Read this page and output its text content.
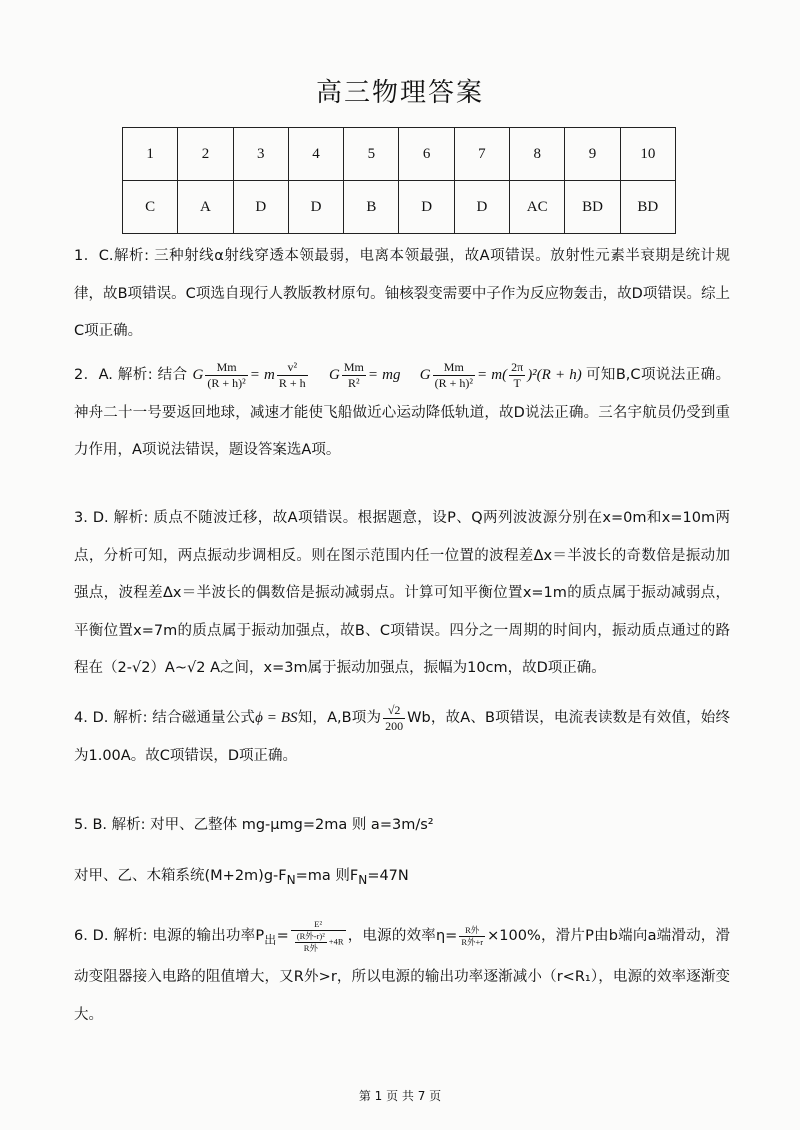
高三物理答案
1	2	3	4	5	6	7	8	9	10
C	A	D	D	B	D	D	AC	BD	BD

1．C.解析: 三种射线α射线穿透本领最弱，电离本领最强，故A项错误。放射性元素半衰期是统计规律，故B项错误。C项选自现行人教版教材原句。铀核裂变需要中子作为反应物轰击，故D项错误。综上C项正确。

2．A. 解析: 结合 G $\frac{Mm}{\text{(R + h)²}} = m \frac{\text{v²}}{R + h}$ G $\frac{Mm}{\text{R²}}$ = mg G $\frac{Mm}{\text{(R + h)²}} = m( \frac{2\pi}{T} )^2(R + h)$ 可知B,C项说法正确。 神舟二十一号要返回地球，减速才能使飞船做近心运动降低轨道，故D说法正确。三名宇航员仍受到重力作用，A项说法错误，题设答案选A项。

3. D. 解析: 质点不随波迁移，故A项错误。根据题意，设P、Q两列波波源分别在x=0m和x=10m两点，分析可知，两点振动步调相反。则在图示范围内任一位置的波程差Δx＝半波长的奇数倍是振动加强点，波程差Δx＝半波长的偶数倍是振动减弱点。计算可知平衡位置x=1m的质点属于振动减弱点，平衡位置x=7m的质点属于振动加强点，故B、C项错误。四分之一周期的时间内，振动质点通过的路程在（2-√2）A~√2 A之间，x=3m属于振动加强点，振幅为10cm，故D项正确。

4. D. 解析: 结合磁通量公式ϕ = BS知，A,B项为 $\frac{√2}{200}$ Wb，故A、B项错误，电流表读数是有效值，始终为1.00A。故C项错误，D项正确。

5. B. 解析: 对甲、乙整体 mg-μmg=2ma 则 a=3m/s²

对甲、乙、木箱系统$(M+2m)g-F_N=ma$ 则$F_N=47N$

6. D. 解析: 电源的输出功率$P_出= \frac{\text{E²}}{\frac{\text{(R外-r)²}}{\text{R外}} +4R}$ ，电源的效率$\eta= \frac{\text{R外}}{\text{R外+r}} \times 100\%$，滑片P由b端向a端滑动，滑动变阻器接入电路的阻值增大，又R外>r，所以电源的输出功率逐渐减小（r<R₁），电源的效率逐渐变大。

第 1 页 共 7 页
